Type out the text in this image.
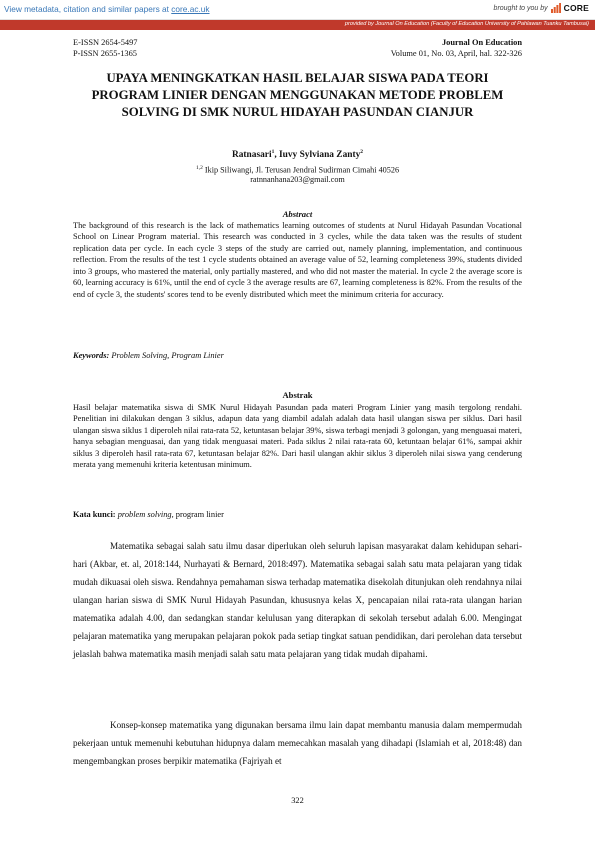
View metadata, citation and similar papers at core.ac.uk	brought to you by CORE
provided by Journal On Education (Faculty of Education University of Pahlawan Tuanku Tambusai)
E-ISSN 2654-5497
P-ISSN 2655-1365
Journal On Education
Volume 01, No. 03, April, hal. 322-326
UPAYA MENINGKATKAN HASIL BELAJAR SISWA PADA TEORI
PROGRAM LINIER DENGAN MENGGUNAKAN METODE PROBLEM
SOLVING DI SMK NURUL HIDAYAH PASUNDAN CIANJUR
Ratnasari$^1$, Iuvy Sylviana Zanty$^2$
$^{1,2}$ Ikip Siliwangi, Jl. Terusan Jendral Sudirman Cimahi 40526
ratnnanhana203@gmail.com
Abstract

The background of this research is the lack of mathematics learning outcomes of students at Nurul Hidayah Pasundan Vocational School on Linear Program material. This research was conducted in 3 cycles, while the data taken was the results of student replication data per cycle. In each cycle 3 steps of the study are carried out, namely planning, implementation, and continuous reflection. From the results of the test 1 cycle students obtained an average value of 52, learning completeness 39%, students divided into 3 groups, who mastered the material, only partially mastered, and who did not master the material. In cycle 2 the average score is 60, learning accuracy is 61%, until the end of cycle 3 the average results are 67, learning completeness is 82%. From the results of the end of cycle 3, the students' scores tend to be evenly distributed which meet the minimum criteria for accuracy.

Keywords: Problem Solving, Program Linier
Abstrak

Hasil belajar matematika siswa di SMK Nurul Hidayah Pasundan pada materi Program Linier yang masih tergolong rendahi. Penelitian ini dilakukan dengan 3 siklus, adapun data yang diambil adalah adalah data hasil ulangan siswa per siklus. Dari hasil ulangan siswa siklus 1 diperoleh nilai rata-rata 52, ketuntasan belajar 39%, siswa terbagi menjadi 3 golongan, yang menguasai materi, hanya sebagian menguasai, dan yang tidak menguasai materi. Pada siklus 2 nilai rata-rata 60, ketuntaan belajar 61%, sampai akhir siklus 3 diperoleh hasil rata-rata 67, ketuntasan belajar 82%. Dari hasil ulangan akhir siklus 3 diperoleh nilai siswa yang cenderung merata yang memenuhi kriteria ketentusan minimum.

Kata kunci: problem solving, program linier

Matematika sebagai salah satu ilmu dasar diperlukan oleh seluruh lapisan masyarakat dalam kehidupan sehari-hari (Akbar, et. al, 2018:144, Nurhayati & Bernard, 2018:497). Matematika sebagai salah satu mata pelajaran yang tidak mudah dikuasai oleh siswa. Rendahnya pemahaman siswa terhadap matematika disekolah ditunjukan oleh rendahnya nilai ulangan harian siswa di SMK Nurul Hidayah Pasundan, khususnya kelas X, pencapaian nilai rata-rata ulangan harian matematika adalah 4.00, dan sedangkan standar kelulusan yang diterapkan di sekolah tersebut adalah 6.00. Mengingat pelajaran matematika yang merupakan pelajaran pokok pada setiap tingkat satuan pendidikan, dari perolehan data tersebut jelaslah bahwa matematika masih menjadi salah satu mata pelajaran yang tidak mudah dipahami.

Konsep-konsep matematika yang digunakan bersama ilmu lain dapat membantu manusia dalam mempermudah pekerjaan untuk memenuhi kebutuhan hidupnya dalam memecahkan masalah yang dihadapi (Islamiah et al, 2018:48) dan mengembangkan proses berpikir matematika (Fajriyah et

322
